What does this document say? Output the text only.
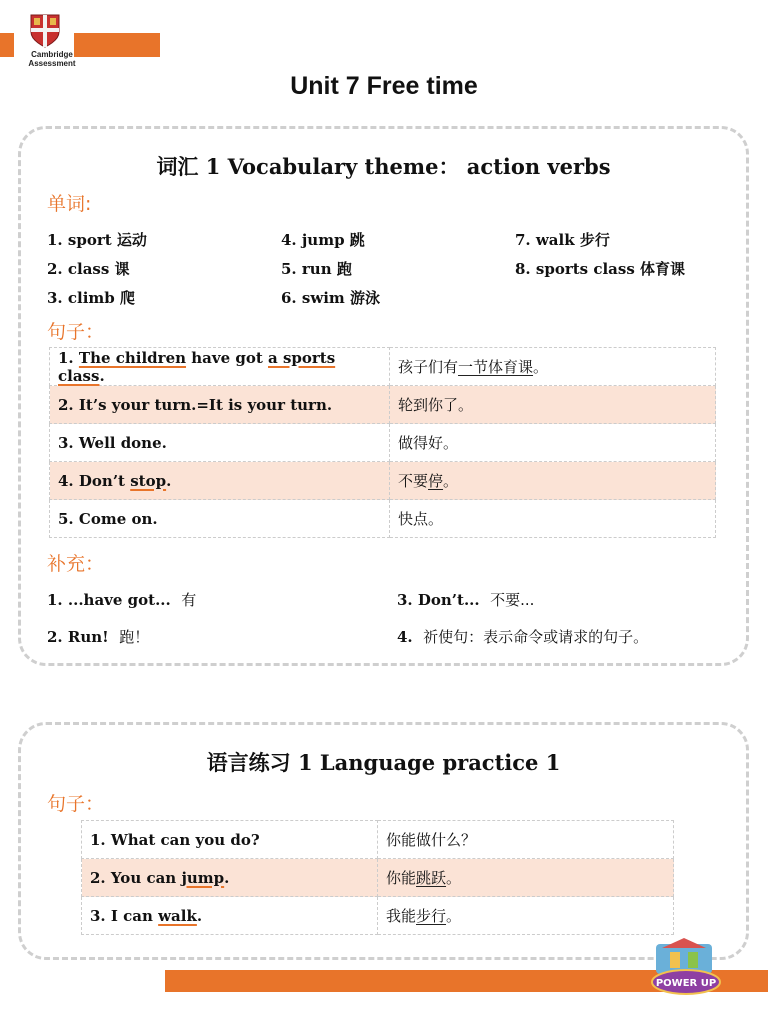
Cambridge
Assessment
Unit 7 Free time
词汇 1 Vocabulary theme： action verbs
单词:
1. sport 运动
2. class 课
3. climb 爬
4. jump 跳
5. run 跑
6. swim 游泳
7. walk 步行
8. sports class 体育课
句子：
1. The children have got a sports class.	孩子们有一节体育课。
2. It’s your turn.=It is your turn.	轮到你了。
3. Well done.	做得好。
4. Don’t stop.	不要停。
5. Come on.	快点。
补充：
1. ...have got... 有	3. Don’t... 不要...
2. Run! 跑！	4. 祈使句：表示命令或请求的句子。
语言练习 1 Language practice 1
句子：
1. What can you do?	你能做什么？
2. You can jump.	你能跳跃。
3. I can walk.	我能步行。
POWER UP
